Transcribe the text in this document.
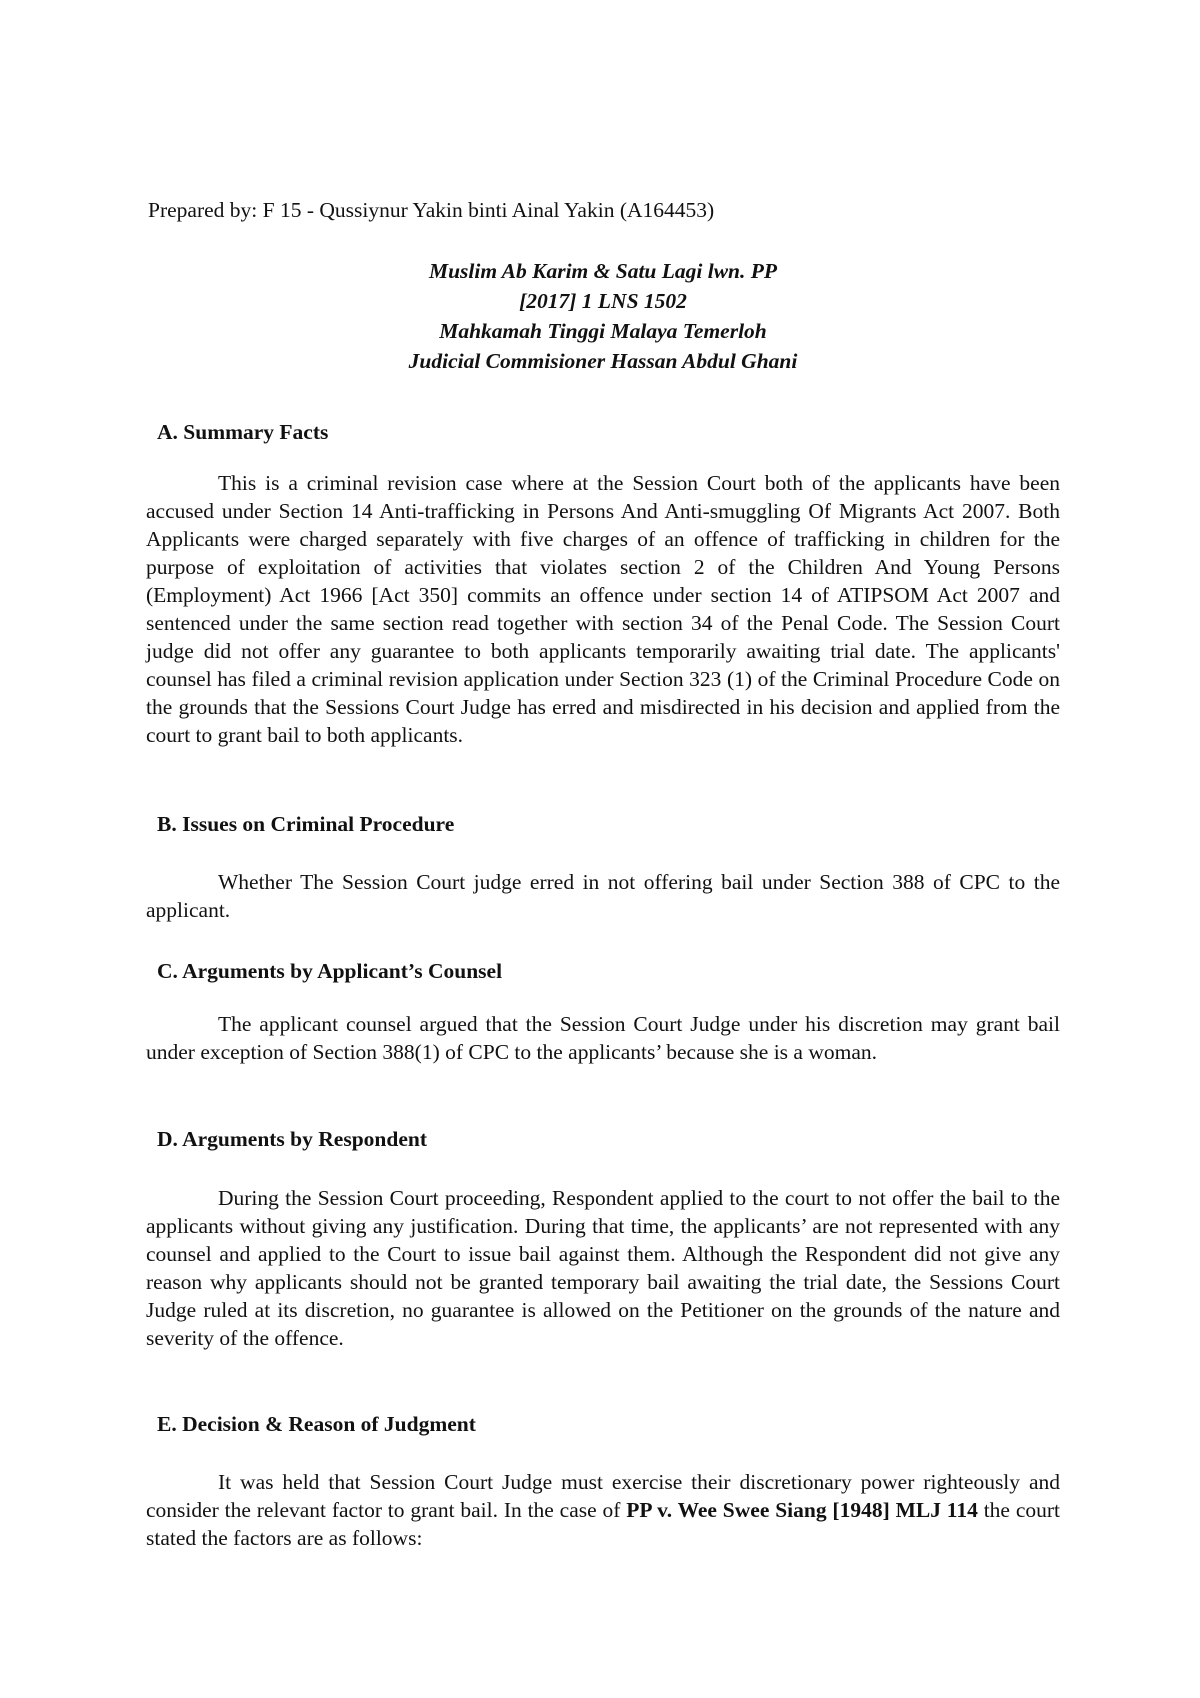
Prepared by: F 15 - Qussiynur Yakin binti Ainal Yakin (A164453)
Muslim Ab Karim & Satu Lagi lwn. PP
[2017] 1 LNS 1502
Mahkamah Tinggi Malaya Temerloh
Judicial Commisioner Hassan Abdul Ghani
A. Summary Facts

This is a criminal revision case where at the Session Court both of the applicants have been accused under Section 14 Anti-trafficking in Persons And Anti-smuggling Of Migrants Act 2007. Both Applicants were charged separately with five charges of an offence of trafficking in children for the purpose of exploitation of activities that violates section 2 of the Children And Young Persons (Employment) Act 1966 [Act 350] commits an offence under section 14 of ATIPSOM Act 2007 and sentenced under the same section read together with section 34 of the Penal Code. The Session Court judge did not offer any guarantee to both applicants temporarily awaiting trial date. The applicants' counsel has filed a criminal revision application under Section 323 (1) of the Criminal Procedure Code on the grounds that the Sessions Court Judge has erred and misdirected in his decision and applied from the court to grant bail to both applicants.

B. Issues on Criminal Procedure

Whether The Session Court judge erred in not offering bail under Section 388 of CPC to the applicant.

C. Arguments by Applicant’s Counsel

The applicant counsel argued that the Session Court Judge under his discretion may grant bail under exception of Section 388(1) of CPC to the applicants’ because she is a woman.

D. Arguments by Respondent

During the Session Court proceeding, Respondent applied to the court to not offer the bail to the applicants without giving any justification. During that time, the applicants’ are not represented with any counsel and applied to the Court to issue bail against them. Although the Respondent did not give any reason why applicants should not be granted temporary bail awaiting the trial date, the Sessions Court Judge ruled at its discretion, no guarantee is allowed on the Petitioner on the grounds of the nature and severity of the offence.

E. Decision & Reason of Judgment

It was held that Session Court Judge must exercise their discretionary power righteously and consider the relevant factor to grant bail. In the case of PP v. Wee Swee Siang [1948] MLJ 114 the court stated the factors are as follows:
